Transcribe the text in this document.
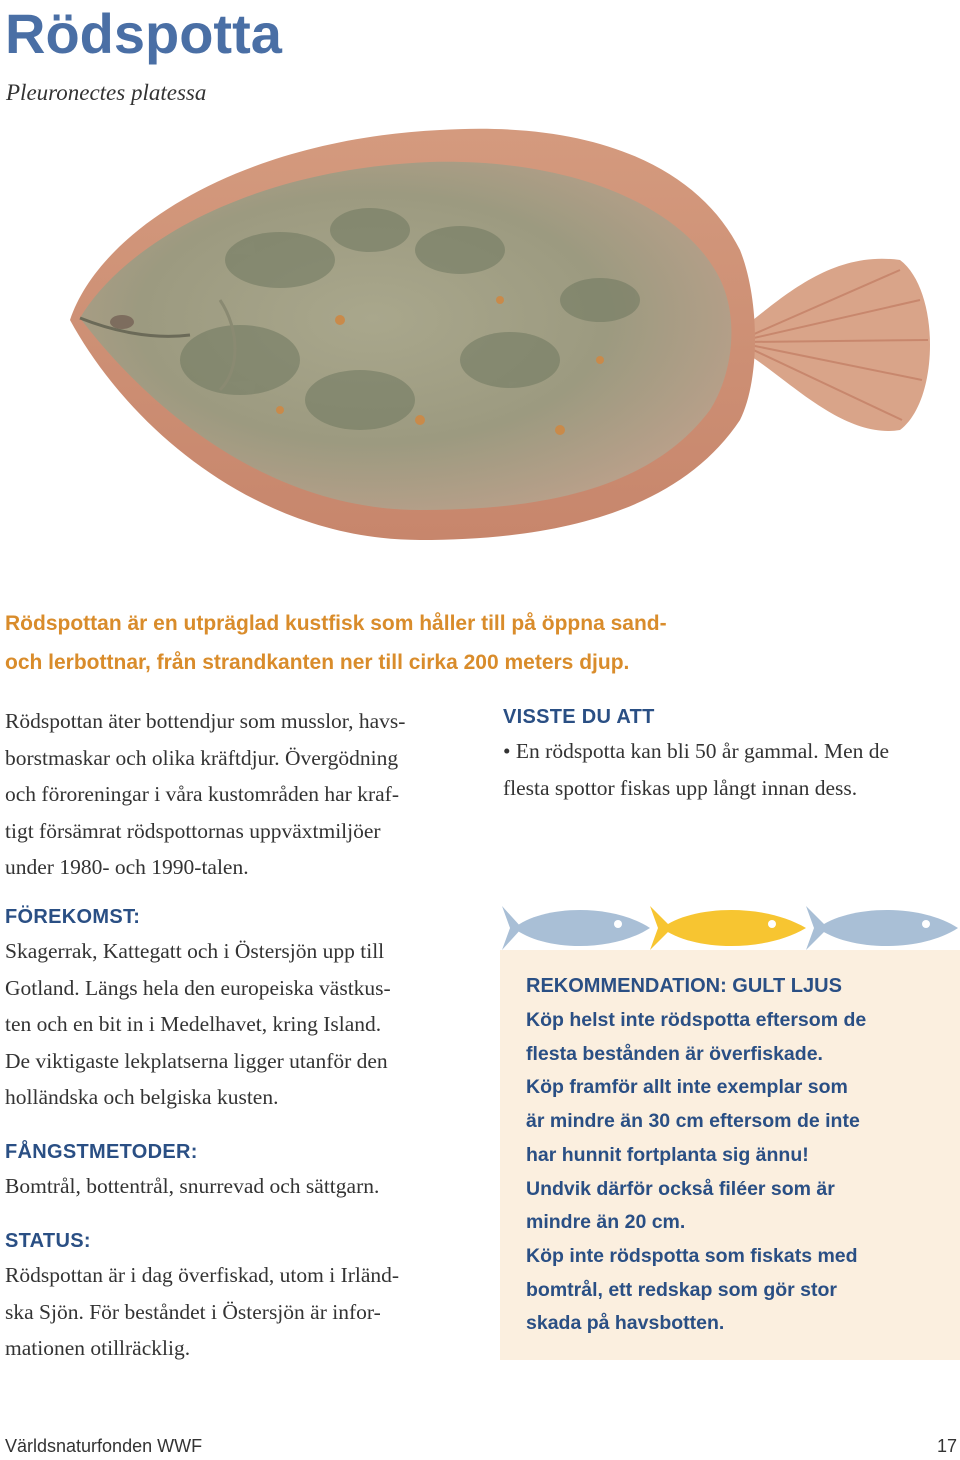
Rödspotta

Pleuronectes platessa

Rödspottan är en utpräglad kustfisk som håller till på öppna sand-
och lerbottnar, från strandkanten ner till cirka 200 meters djup.

Rödspottan äter bottendjur som musslor, havs-
borstmaskar och olika kräftdjur. Övergödning
och föroreningar i våra kustområden har kraf-
tigt försämrat rödspottornas uppväxtmiljöer
under 1980- och 1990-talen.

FÖREKOMST:

Skagerrak, Kattegatt och i Östersjön upp till
Gotland. Längs hela den europeiska västkus-
ten och en bit in i Medelhavet, kring Island.
De viktigaste lekplatserna ligger utanför den
holländska och belgiska kusten.

FÅNGSTMETODER:

Bomtrål, bottentrål, snurrevad och sättgarn.

STATUS:

Rödspottan är i dag överfiskad, utom i Irländ-
ska Sjön. För beståndet i Östersjön är infor-
mationen otillräcklig.

VISSTE DU ATT

• En rödspotta kan bli 50 år gammal. Men de
flesta spottor fiskas upp långt innan dess.

REKOMMENDATION: GULT LJUS

Köp helst inte rödspotta eftersom de
flesta bestånden är överfiskade.
Köp framför allt inte exemplar som
är mindre än 30 cm eftersom de inte
har hunnit fortplanta sig ännu!
Undvik därför också filéer som är
mindre än 20 cm.
Köp inte rödspotta som fiskats med
bomtrål, ett redskap som gör stor
skada på havsbotten.

Världsnaturfonden WWF	17
